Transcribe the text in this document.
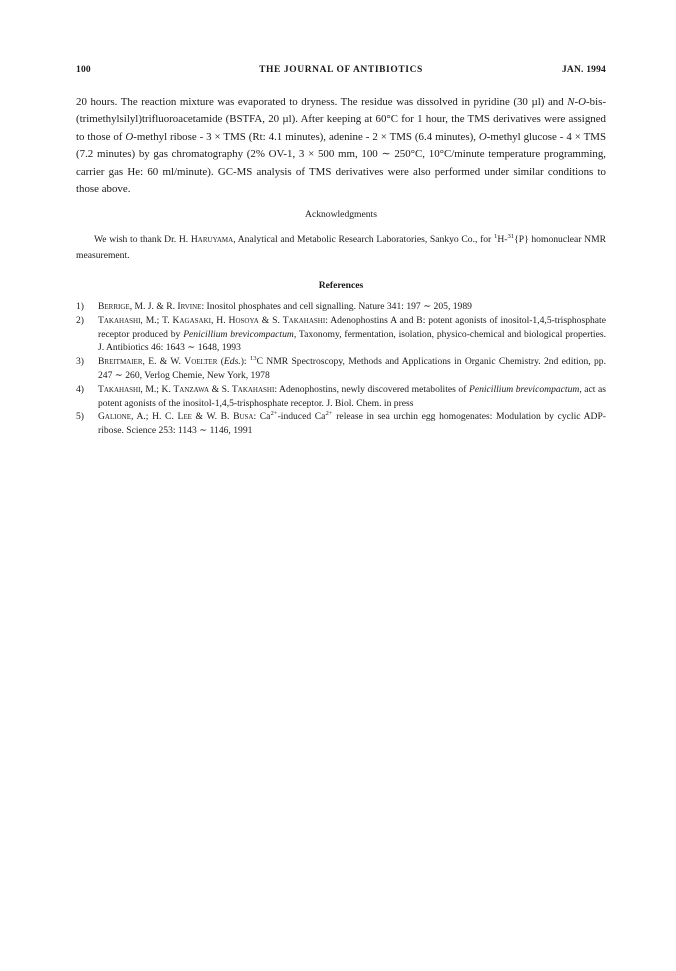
100	THE JOURNAL OF ANTIBIOTICS	JAN. 1994

20 hours. The reaction mixture was evaporated to dryness. The residue was dissolved in pyridine (30 µl) and N-O-bis-(trimethylsilyl)trifluoroacetamide (BSTFA, 20 µl). After keeping at 60°C for 1 hour, the TMS derivatives were assigned to those of O-methyl ribose - 3 × TMS (Rt: 4.1 minutes), adenine - 2 × TMS (6.4 minutes), O-methyl glucose - 4 × TMS (7.2 minutes) by gas chromatography (2% OV-1, 3 × 500 mm, 100 ∼ 250°C, 10°C/minute temperature programming, carrier gas He: 60 ml/minute). GC-MS analysis of TMS derivatives were also performed under similar conditions to those above.

Acknowledgments

We wish to thank Dr. H. Haruyama, Analytical and Metabolic Research Laboratories, Sankyo Co., for $^1$H-$^{31}${P} homonuclear NMR measurement.

References
1) Berrige, M. J. & R. Irvine: Inositol phosphates and cell signalling. Nature 341: 197 ∼ 205, 1989
2) Takahashi, M.; T. Kagasaki, H. Hosoya & S. Takahashi: Adenophostins A and B: potent agonists of inositol-1,4,5-trisphosphate receptor produced by Penicillium brevicompactum, Taxonomy, fermentation, isolation, physico-chemical and biological properties. J. Antibiotics 46: 1643 ∼ 1648, 1993
3) Breitmaier, E. & W. Voelter (Eds.): $^{13}$C NMR Spectroscopy, Methods and Applications in Organic Chemistry. 2nd edition, pp. 247 ∼ 260, Verlog Chemie, New York, 1978
4) Takahashi, M.; K. Tanzawa & S. Takahashi: Adenophostins, newly discovered metabolites of Penicillium brevicompactum, act as potent agonists of the inositol-1,4,5-trisphosphate receptor. J. Biol. Chem. in press
5) Galione, A.; H. C. Lee & W. B. Busa: $Ca^{2+}$-induced $Ca^{2+}$ release in sea urchin egg homogenates: Modulation by cyclic ADP-ribose. Science 253: 1143 ∼ 1146, 1991
